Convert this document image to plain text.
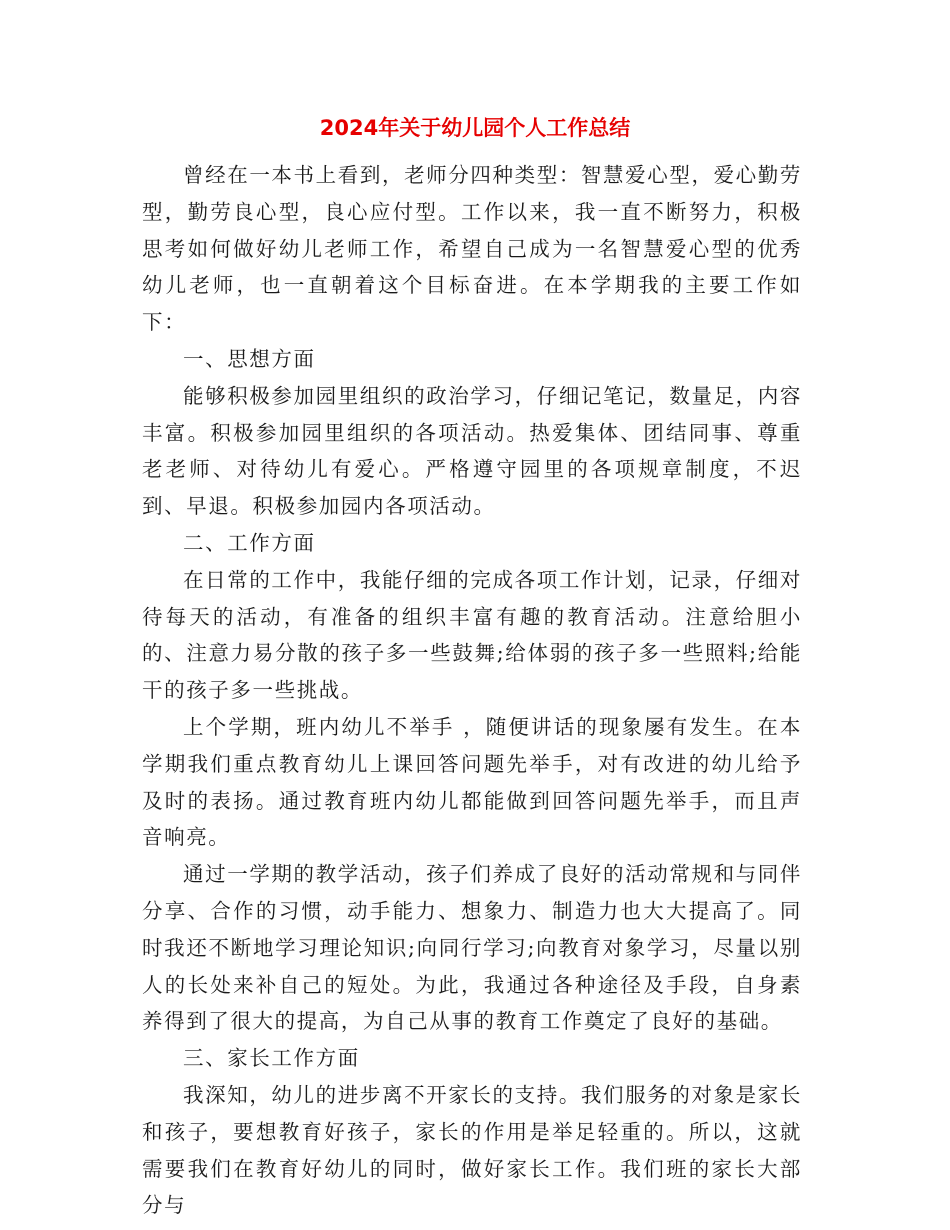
2024年关于幼儿园个人工作总结

曾经在一本书上看到，老师分四种类型：智慧爱心型，爱心勤劳型，勤劳良心型，良心应付型。工作以来，我一直不断努力，积极思考如何做好幼儿老师工作，希望自己成为一名智慧爱心型的优秀幼儿老师，也一直朝着这个目标奋进。在本学期我的主要工作如下：

一、思想方面

能够积极参加园里组织的政治学习，仔细记笔记，数量足，内容丰富。积极参加园里组织的各项活动。热爱集体、团结同事、尊重老老师、对待幼儿有爱心。严格遵守园里的各项规章制度，不迟到、早退。积极参加园内各项活动。

二、工作方面

在日常的工作中，我能仔细的完成各项工作计划，记录，仔细对待每天的活动，有准备的组织丰富有趣的教育活动。注意给胆小的、注意力易分散的孩子多一些鼓舞;给体弱的孩子多一些照料;给能干的孩子多一些挑战。

上个学期，班内幼儿不举手 ，随便讲话的现象屡有发生。在本学期我们重点教育幼儿上课回答问题先举手，对有改进的幼儿给予及时的表扬。通过教育班内幼儿都能做到回答问题先举手，而且声音响亮。

通过一学期的教学活动，孩子们养成了良好的活动常规和与同伴分享、合作的习惯，动手能力、想象力、制造力也大大提高了。同时我还不断地学习理论知识;向同行学习;向教育对象学习，尽量以别人的长处来补自己的短处。为此，我通过各种途径及手段，自身素养得到了很大的提高，为自己从事的教育工作奠定了良好的基础。

三、家长工作方面

我深知，幼儿的进步离不开家长的支持。我们服务的对象是家长和孩子，要想教育好孩子，家长的作用是举足轻重的。所以，这就需要我们在教育好幼儿的同时，做好家长工作。我们班的家长大部分与
